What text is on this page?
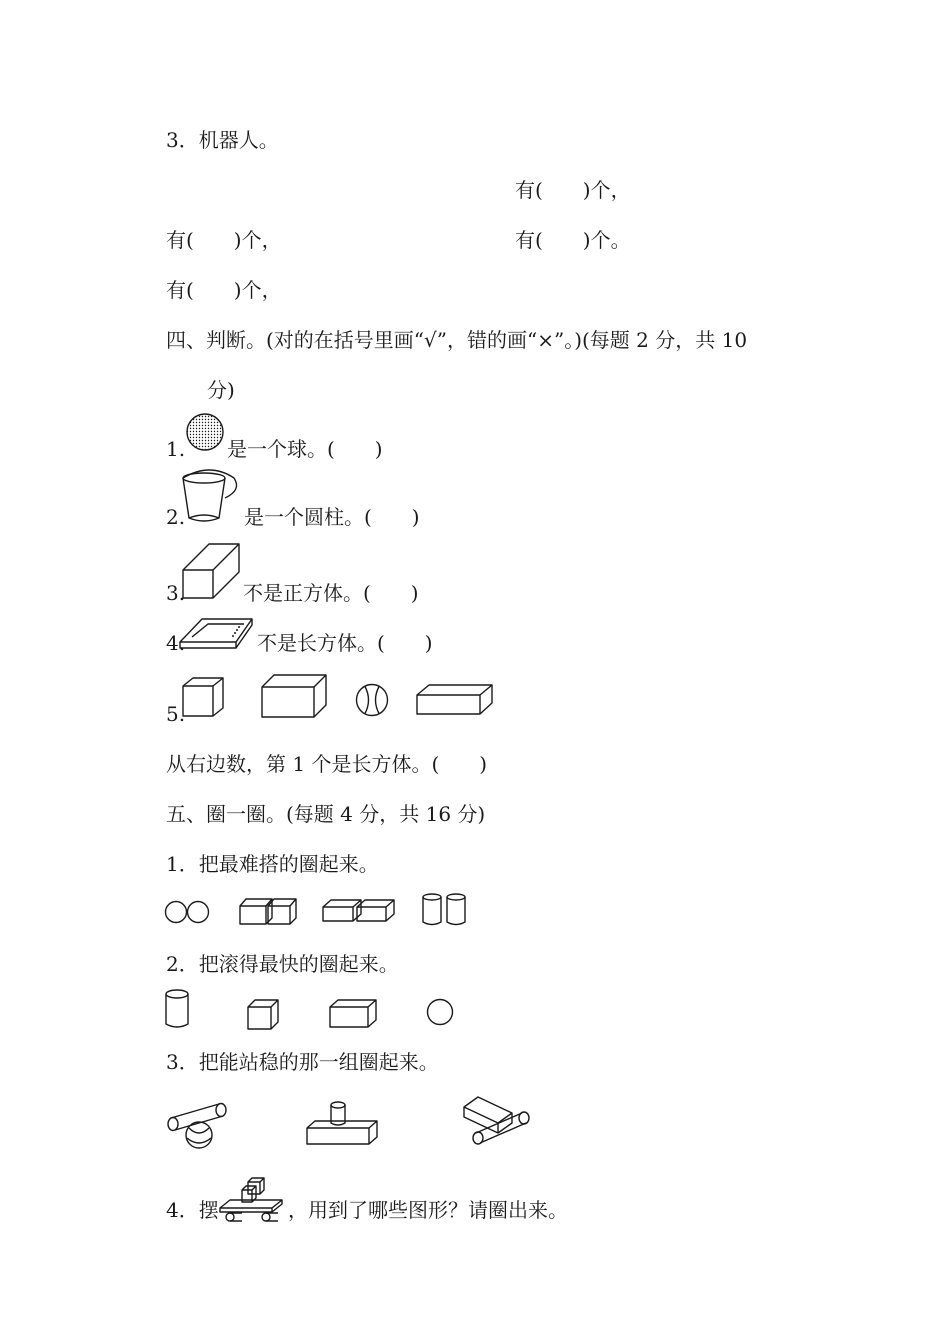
3．机器人。
有(　　)个，
有(　　)个，	有(　　)个。
有(　　)个，
四、判断。(对的在括号里画“√”，错的画“×”。)(每题 2 分，共 10
分)
1. 是一个球。(　　)
2.	是一个圆柱。(　　)
3.	不是正方体。(　　)
4.	不是长方体。(　　)
5.
从右边数，第 1 个是长方体。(　　)
五、圈一圈。(每题 4 分，共 16 分)
1．把最难搭的圈起来。
2．把滚得最快的圈起来。
3．把能站稳的那一组圈起来。
4．摆	，用到了哪些图形？请圈出来。
